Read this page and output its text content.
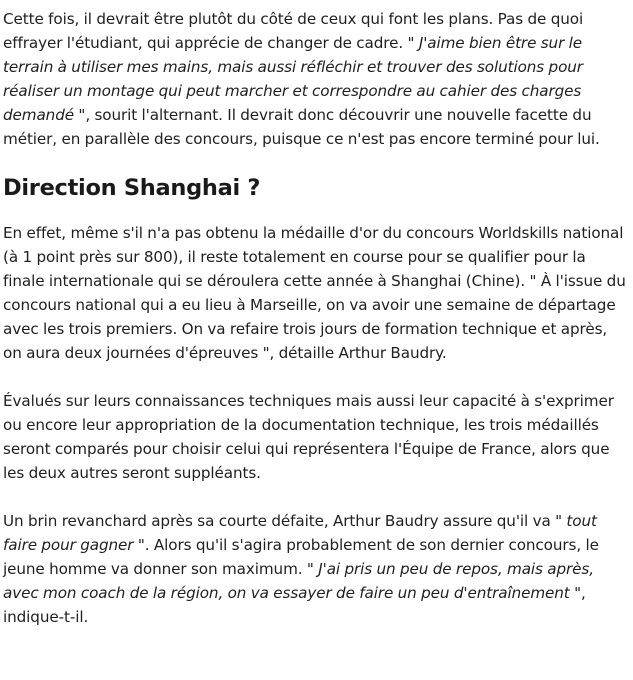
Cette fois, il devrait être plutôt du côté de ceux qui font les plans. Pas de quoi effrayer l'étudiant, qui apprécie de changer de cadre. " J'aime bien être sur le terrain à utiliser mes mains, mais aussi réfléchir et trouver des solutions pour réaliser un montage qui peut marcher et correspondre au cahier des charges demandé ", sourit l'alternant. Il devrait donc découvrir une nouvelle facette du métier, en parallèle des concours, puisque ce n'est pas encore terminé pour lui.

Direction Shanghai ?

En effet, même s'il n'a pas obtenu la médaille d'or du concours Worldskills national (à 1 point près sur 800), il reste totalement en course pour se qualifier pour la finale internationale qui se déroulera cette année à Shanghai (Chine). " À l'issue du concours national qui a eu lieu à Marseille, on va avoir une semaine de départage avec les trois premiers. On va refaire trois jours de formation technique et après, on aura deux journées d'épreuves ", détaille Arthur Baudry.

Évalués sur leurs connaissances techniques mais aussi leur capacité à s'exprimer ou encore leur appropriation de la documentation technique, les trois médaillés seront comparés pour choisir celui qui représentera l'Équipe de France, alors que les deux autres seront suppléants.

Un brin revanchard après sa courte défaite, Arthur Baudry assure qu'il va " tout faire pour gagner ". Alors qu'il s'agira probablement de son dernier concours, le jeune homme va donner son maximum. " J'ai pris un peu de repos, mais après, avec mon coach de la région, on va essayer de faire un peu d'entraînement ", indique-t-il.
